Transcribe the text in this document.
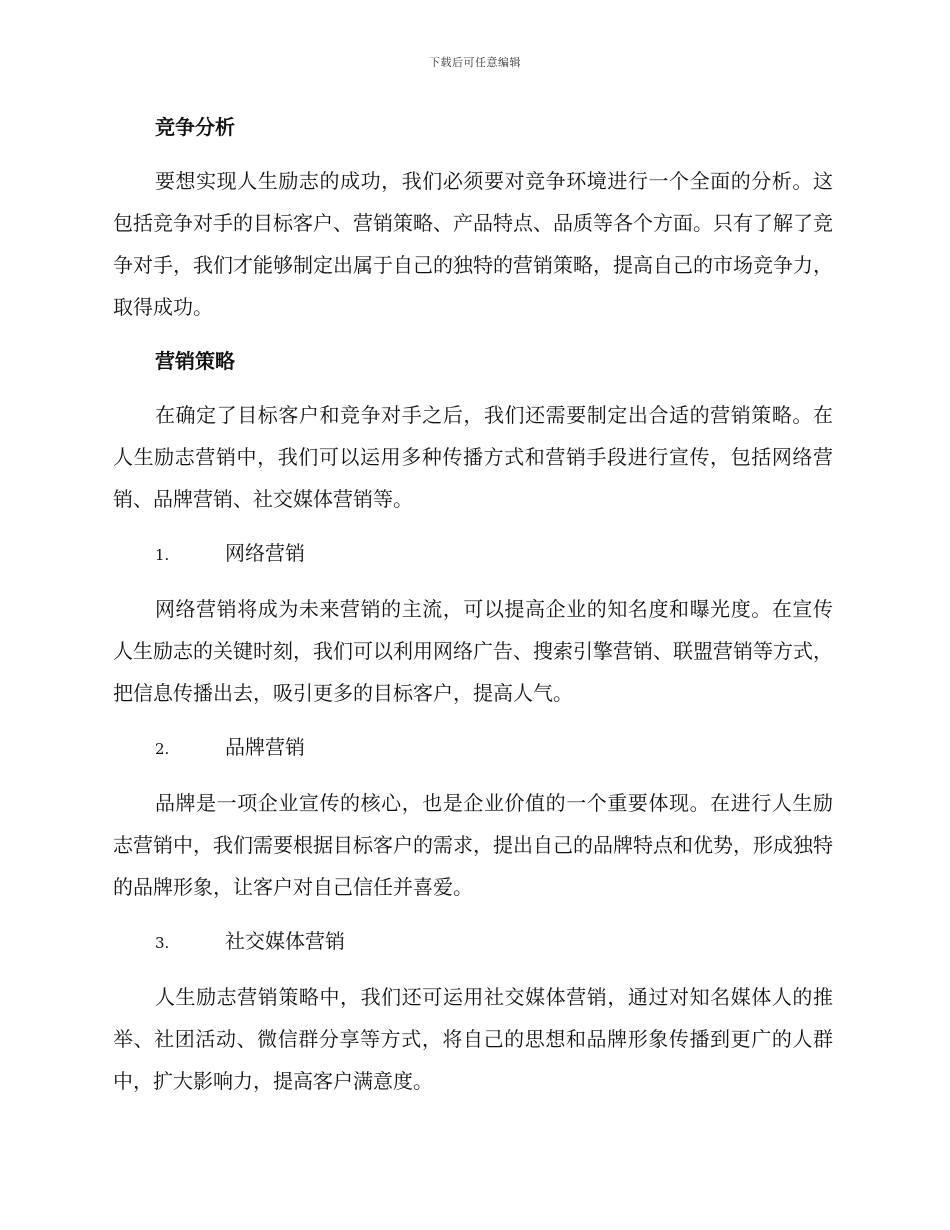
下载后可任意编辑
竞争分析

要想实现人生励志的成功，我们必须要对竞争环境进行一个全面的分析。这包括竞争对手的目标客户、营销策略、产品特点、品质等各个方面。只有了解了竞争对手，我们才能够制定出属于自己的独特的营销策略，提高自己的市场竞争力，取得成功。

营销策略

在确定了目标客户和竞争对手之后，我们还需要制定出合适的营销策略。在人生励志营销中，我们可以运用多种传播方式和营销手段进行宣传，包括网络营销、品牌营销、社交媒体营销等。

1.	网络营销

网络营销将成为未来营销的主流，可以提高企业的知名度和曝光度。在宣传人生励志的关键时刻，我们可以利用网络广告、搜索引擎营销、联盟营销等方式，把信息传播出去，吸引更多的目标客户，提高人气。

2.	品牌营销

品牌是一项企业宣传的核心，也是企业价值的一个重要体现。在进行人生励志营销中，我们需要根据目标客户的需求，提出自己的品牌特点和优势，形成独特的品牌形象，让客户对自己信任并喜爱。

3.	社交媒体营销

人生励志营销策略中，我们还可运用社交媒体营销，通过对知名媒体人的推举、社团活动、微信群分享等方式，将自己的思想和品牌形象传播到更广的人群中，扩大影响力，提高客户满意度。
